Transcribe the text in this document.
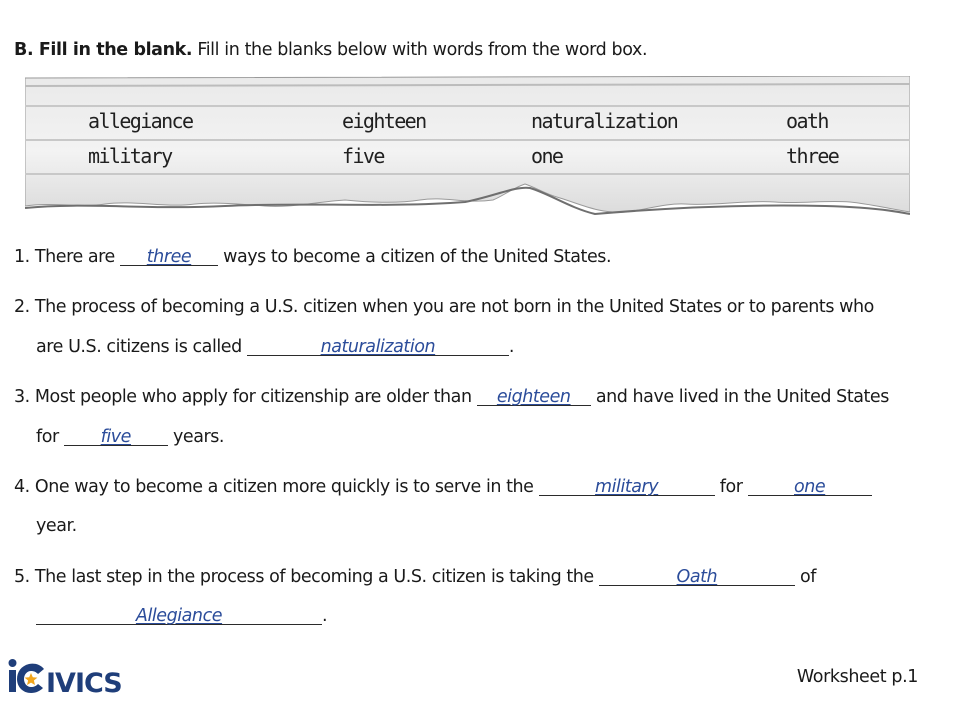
B. Fill in the blank. Fill in the blanks below with words from the word box.
allegiance	eighteen	naturalization	oath
military	five	one	three
1. There are three ways to become a citizen of the United States.
2. The process of becoming a U.S. citizen when you are not born in the United States or to parents who
are U.S. citizens is called	naturalization	.
3. Most people who apply for citizenship are older than eighteen and have lived in the United States
for five years.
4. One way to become a citizen more quickly is to serve in the	military	for	one
year.
5. The last step in the process of becoming a U.S. citizen is taking the	Oath	of
Allegiance	.
iCIVI
IVICS	Worksheet p.1
